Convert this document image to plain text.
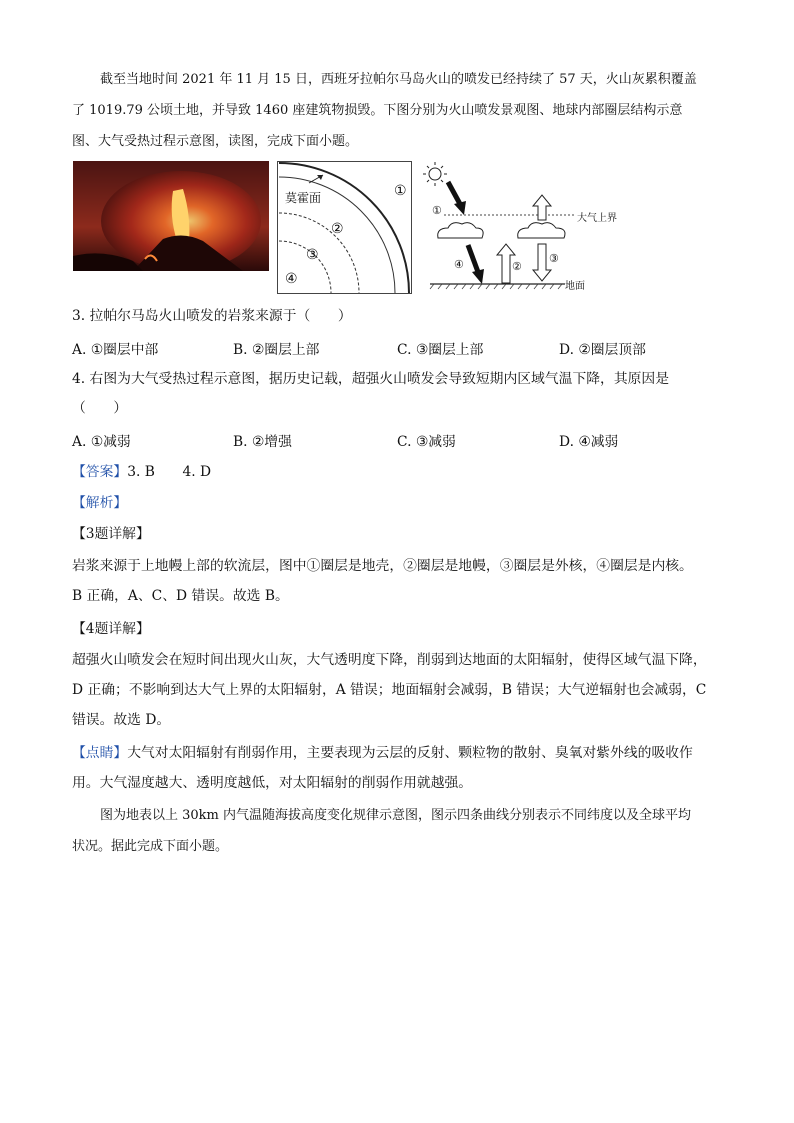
截至当地时间 2021 年 11 月 15 日，西班牙拉帕尔马岛火山的喷发已经持续了 57 天，火山灰累积覆盖
了 1019.79 公顷土地，并导致 1460 座建筑物损毁。下图分别为火山喷发景观图、地球内部圈层结构示意
图、大气受热过程示意图，读图，完成下面小题。
莫霍面	①
②
③
④
①
大气上界
④	②
③
地面
3. 拉帕尔马岛火山喷发的岩浆来源于（　　）
A. ①圈层中部	B. ②圈层上部	C. ③圈层上部	D. ②圈层顶部
4. 右图为大气受热过程示意图，据历史记载，超强火山喷发会导致短期内区域气温下降，其原因是
（　　）
A. ①减弱	B. ②增强	C. ③减弱	D. ④减弱
【答案】3. B　　4. D
【解析】
【3题详解】
岩浆来源于上地幔上部的软流层，图中①圈层是地壳，②圈层是地幔，③圈层是外核，④圈层是内核。
B 正确，A、C、D 错误。故选 B。
【4题详解】
超强火山喷发会在短时间出现火山灰，大气透明度下降，削弱到达地面的太阳辐射，使得区域气温下降，
D 正确；不影响到达大气上界的太阳辐射，A 错误；地面辐射会减弱，B 错误；大气逆辐射也会减弱，C
错误。故选 D。
【点睛】大气对太阳辐射有削弱作用，主要表现为云层的反射、颗粒物的散射、臭氧对紫外线的吸收作
用。大气湿度越大、透明度越低，对太阳辐射的削弱作用就越强。
图为地表以上 30km 内气温随海拔高度变化规律示意图，图示四条曲线分别表示不同纬度以及全球平均
状况。据此完成下面小题。
